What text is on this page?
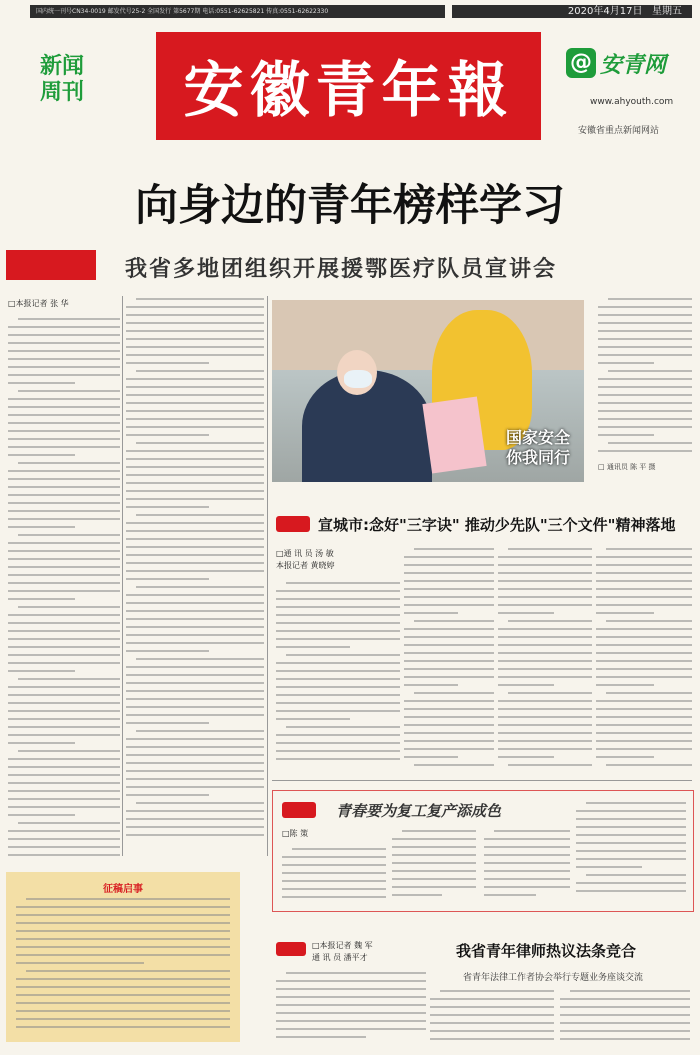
国内统一刊号CN34-0019 邮发代号25-2 全国发行 第5677期 电话:0551-62625821 传真:0551-62622330	2020年4月17日 星期五
新闻
周刊	安徽青年報	@ 安青网
www.ahyouth.com
安徽省重点新闻网站
向身边的青年榜样学习
我省多地团组织开展援鄂医疗队员宣讲会
□本报记者 张 华
国家安全
你我同行	□ 通讯员 陈 平 摄
宣城市:念好"三字诀" 推动少先队"三个文件"精神落地
□通 讯 员 汤 敏
本报记者 黄晓婷
青春要为复工复产添成色
□陈 策
征稿启事
□本报记者 魏 军
通 讯 员 潘平才	我省青年律师热议法条竞合
省青年法律工作者协会举行专题业务座谈交流
